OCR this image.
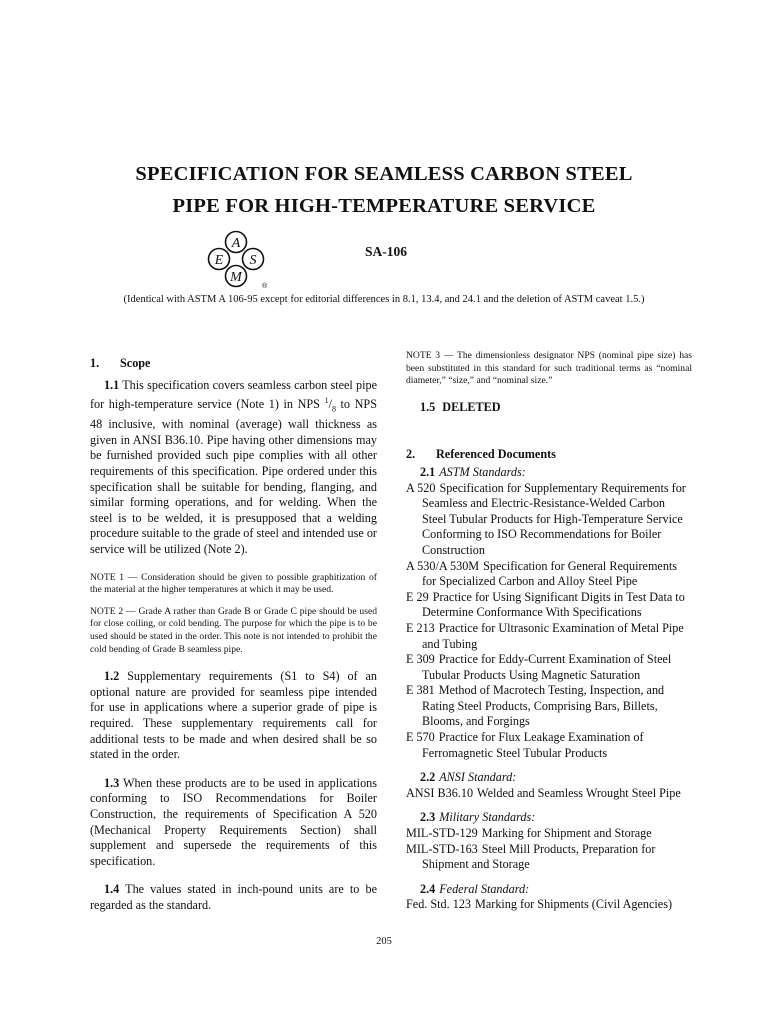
SPECIFICATION FOR SEAMLESS CARBON STEEL
PIPE FOR HIGH-TEMPERATURE SERVICE
A
E S
M
®
SA-106
(Identical with ASTM A 106-95 except for editorial differences in 8.1, 13.4, and 24.1 and the deletion of ASTM caveat 1.5.)
1. Scope

1.1 This specification covers seamless carbon steel pipe for high-temperature service (Note 1) in NPS $^1/_8$ to NPS 48 inclusive, with nominal (average) wall thickness as given in ANSI B36.10. Pipe having other dimensions may be furnished provided such pipe complies with all other requirements of this specification. Pipe ordered under this specification shall be suitable for bending, flanging, and similar forming operations, and for welding. When the steel is to be welded, it is presupposed that a welding procedure suitable to the grade of steel and intended use or service will be utilized (Note 2).

NOTE 1 — Consideration should be given to possible graphitization of the material at the higher temperatures at which it may be used.

NOTE 2 — Grade A rather than Grade B or Grade C pipe should be used for close coiling, or cold bending. The purpose for which the pipe is to be used should be stated in the order. This note is not intended to prohibit the cold bending of Grade B seamless pipe.

1.2 Supplementary requirements (S1 to S4) of an optional nature are provided for seamless pipe intended for use in applications where a superior grade of pipe is required. These supplementary requirements call for additional tests to be made and when desired shall be so stated in the order.

1.3 When these products are to be used in applications conforming to ISO Recommendations for Boiler Construction, the requirements of Specification A 520 (Mechanical Property Requirements Section) shall supplement and supersede the requirements of this specification.

1.4 The values stated in inch-pound units are to be regarded as the standard.

NOTE 3 — The dimensionless designator NPS (nominal pipe size) has been substituted in this standard for such traditional terms as “nominal diameter,” “size,” and “nominal size.”

1.5 DELETED
2. Referenced Documents
2.1 ASTM Standards:

A 520 Specification for Supplementary Requirements for Seamless and Electric-Resistance-Welded Carbon Steel Tubular Products for High-Temperature Service Conforming to ISO Recommendations for Boiler Construction

A 530/A 530M Specification for General Requirements for Specialized Carbon and Alloy Steel Pipe

E 29 Practice for Using Significant Digits in Test Data to Determine Conformance With Specifications

E 213 Practice for Ultrasonic Examination of Metal Pipe and Tubing

E 309 Practice for Eddy-Current Examination of Steel Tubular Products Using Magnetic Saturation

E 381 Method of Macrotech Testing, Inspection, and Rating Steel Products, Comprising Bars, Billets, Blooms, and Forgings

E 570 Practice for Flux Leakage Examination of Ferromagnetic Steel Tubular Products

2.2 ANSI Standard:

ANSI B36.10 Welded and Seamless Wrought Steel Pipe

2.3 Military Standards:

MIL-STD-129 Marking for Shipment and Storage

MIL-STD-163 Steel Mill Products, Preparation for Shipment and Storage

2.4 Federal Standard:

Fed. Std. 123 Marking for Shipments (Civil Agencies)

205
